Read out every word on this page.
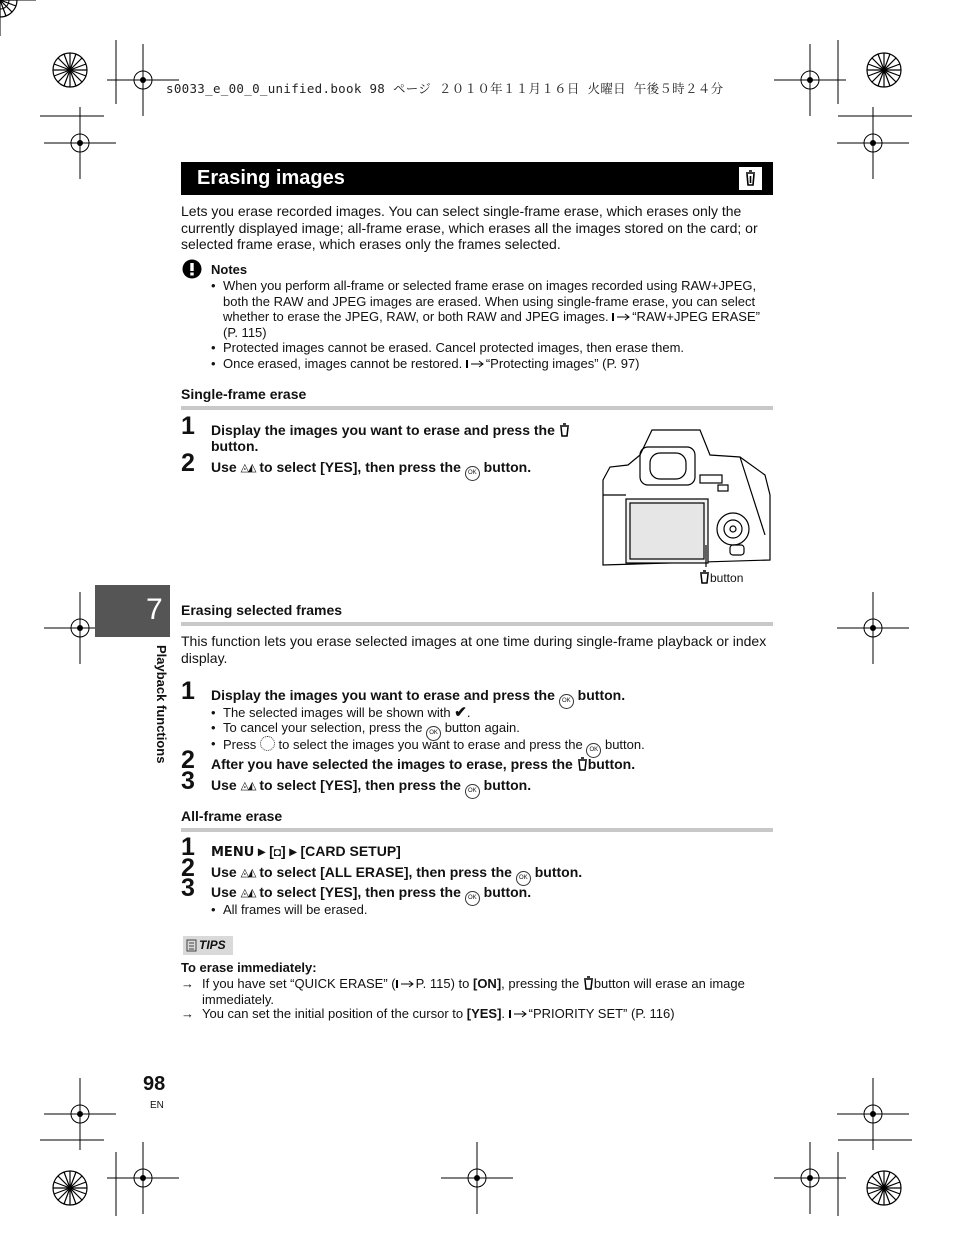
s0033_e_00_0_unified.book 98 ページ ２０１０年１１月１６日 火曜日 午後５時２４分
Erasing images
Lets you erase recorded images. You can select single-frame erase, which erases only the currently displayed image; all-frame erase, which erases all the images stored on the card; or selected frame erase, which erases only the frames selected.
Notes
• When you perform all-frame or selected frame erase on images recorded using RAW+JPEG, both the RAW and JPEG images are erased. When using single-frame erase, you can select whether to erase the JPEG, RAW, or both RAW and JPEG images. “RAW+JPEG ERASE” (P. 115)
• Protected images cannot be erased. Cancel protected images, then erase them.
• Once erased, images cannot be restored. “Protecting images” (P. 97)
Single-frame erase
1 Display the images you want to erase and press the
button.
2 Use ◬◭ to select [YES], then press the OK button.
button
7
Playback functions
Erasing selected frames
This function lets you erase selected images at one time during single-frame playback or index display.
1 Display the images you want to erase and press the OK button.
• The selected images will be shown with ✔.
• To cancel your selection, press the OK button again.
• Press to select the images you want to erase and press the OK button.
2 After you have selected the images to erase, press the button.
3 Use ◬◭ to select [YES], then press the OK button.
All-frame erase
1 MENU ▸ [◘] ▸ [CARD SETUP]
2 Use ◬◭ to select [ALL ERASE], then press the OK button.
3 Use ◬◭ to select [YES], then press the OK button.
• All frames will be erased.
TIPS
To erase immediately:
→ If you have set “QUICK ERASE” ( P. 115) to [ON], pressing the button will erase an image immediately.
→ You can set the initial position of the cursor to [YES]. “PRIORITY SET” (P. 116)
98
EN
